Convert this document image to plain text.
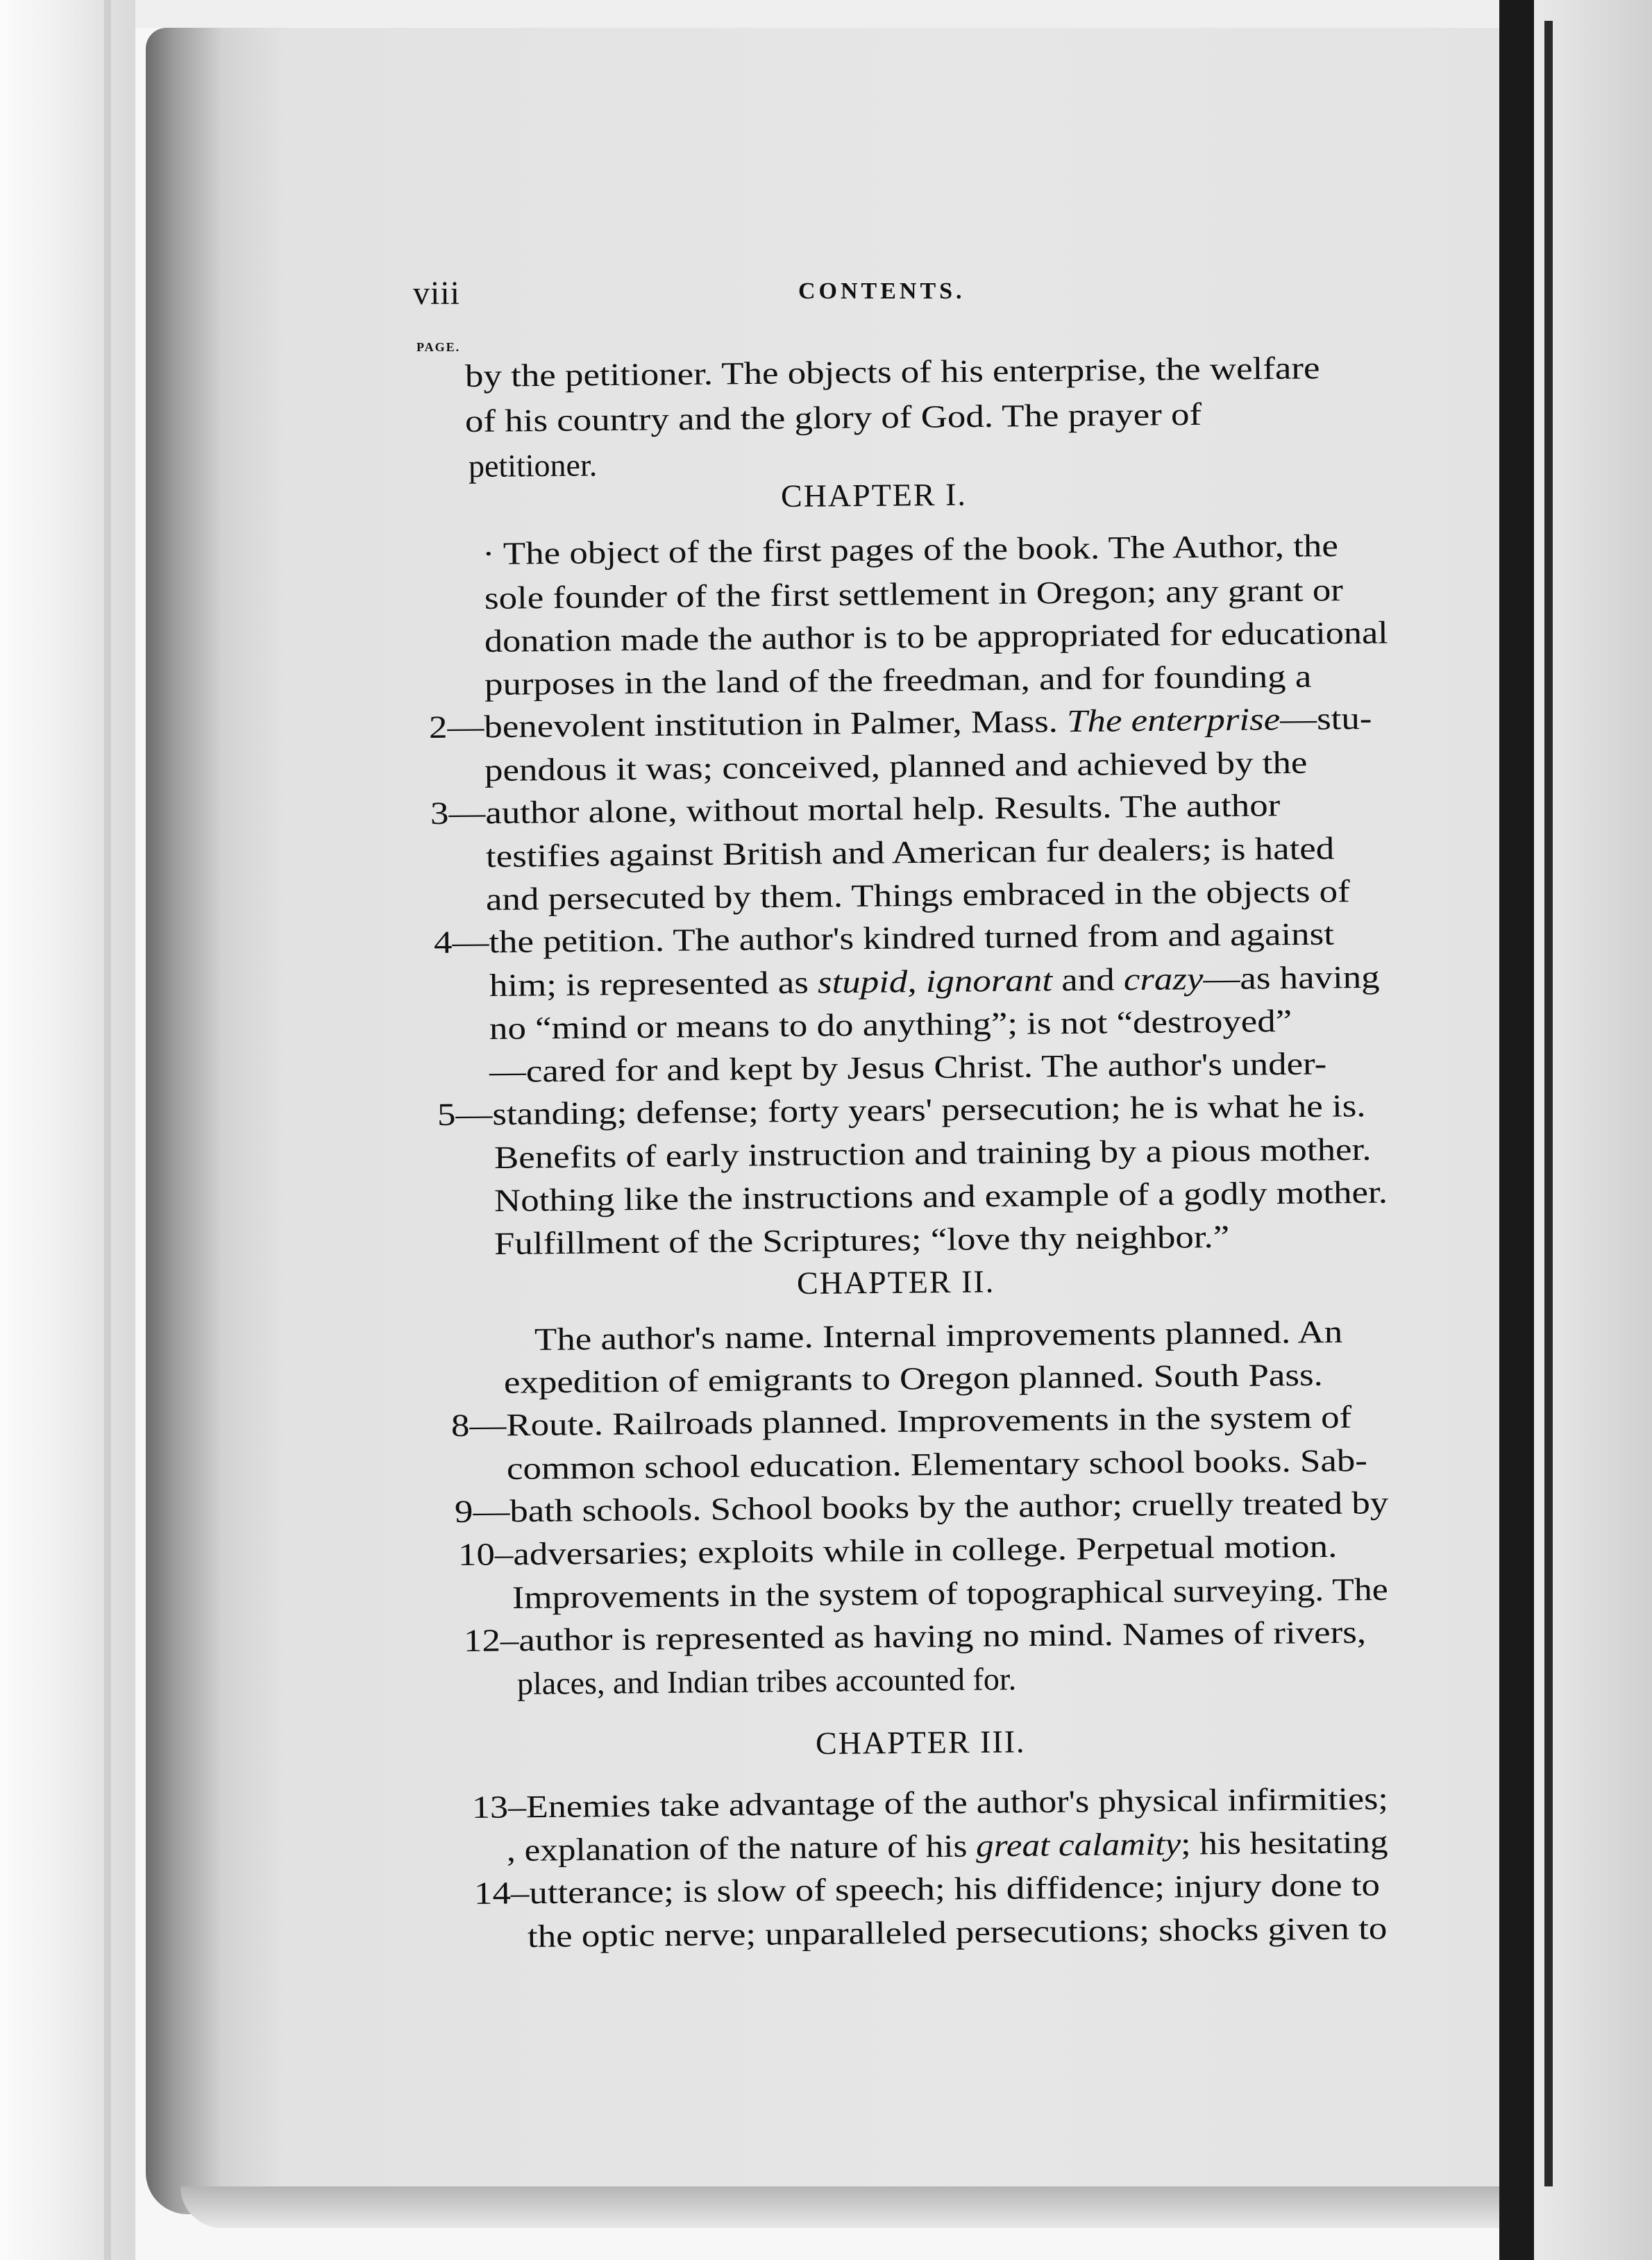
viii	CONTENTS.
PAGE.
by the petitioner. The objects of his enterprise, the welfare
of his country and the glory of God. The prayer of
petitioner.
CHAPTER I.
· The object of the first pages of the book. The Author, the
sole founder of the first settlement in Oregon; any grant or
donation made the author is to be appropriated for educational
purposes in the land of the freedman, and for founding a
2—benevolent institution in Palmer, Mass. The enterprise—stu-
pendous it was; conceived, planned and achieved by the
3—author alone, without mortal help. Results. The author
testifies against British and American fur dealers; is hated
and persecuted by them. Things embraced in the objects of
4—the petition. The author's kindred turned from and against
him; is represented as stupid, ignorant and crazy—as having
no “mind or means to do anything”; is not “destroyed”
—cared for and kept by Jesus Christ. The author's under-
5—standing; defense; forty years' persecution; he is what he is.
Benefits of early instruction and training by a pious mother.
Nothing like the instructions and example of a godly mother.
Fulfillment of the Scriptures; “love thy neighbor.”
CHAPTER II.
The author's name. Internal improvements planned. An
expedition of emigrants to Oregon planned. South Pass.
8—Route. Railroads planned. Improvements in the system of
common school education. Elementary school books. Sab-
9—bath schools. School books by the author; cruelly treated by
10–adversaries; exploits while in college. Perpetual motion.
Improvements in the system of topographical surveying. The
12–author is represented as having no mind. Names of rivers,
places, and Indian tribes accounted for.
CHAPTER III.
13–Enemies take advantage of the author's physical infirmities;
, explanation of the nature of his great calamity; his hesitating
14–utterance; is slow of speech; his diffidence; injury done to
the optic nerve; unparalleled persecutions; shocks given to
